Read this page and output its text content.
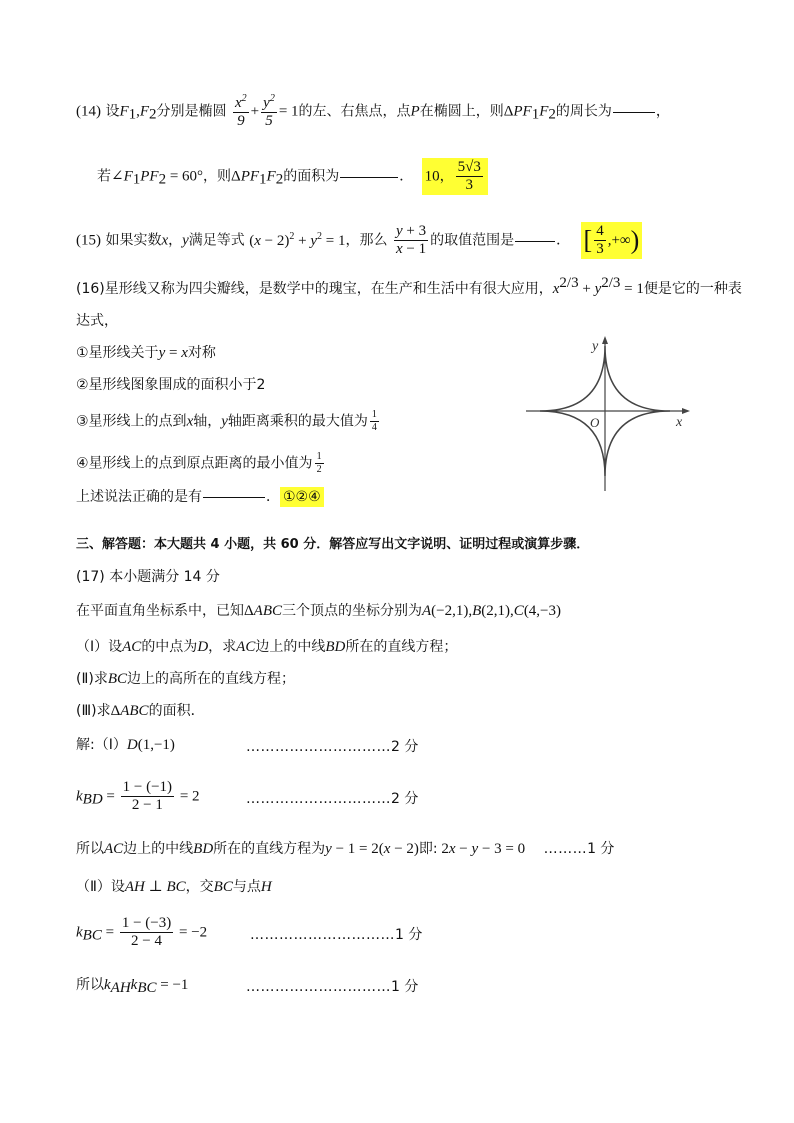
(14) 设$F_1,F_2$分别是椭圆 $\frac{x^2}{9} + \frac{y^2}{5} = 1$的左、右焦点，点P在椭圆上，则$\Delta PF_1F_2$的周长为	，
若$\angle F_1PF_2 = 60^\circ$，则$\Delta PF_1F_2$的面积为	． 10， $\frac{5√3}{3}$
(15) 如果实数x，y满足等式 $(x - 2)^2 + y^2 = 1$，那么 $\frac{y + 3}{x - 1}$ 的取值范围是	． [ $\frac{4}{3}$ ,+∞)
(16)星形线又称为四尖瓣线，是数学中的瑰宝，在生产和生活中有很大应用，$x^{2/3} + y^{2/3} = 1$便是它的一种表
达式，
①星形线关于y = x对称
②星形线图象围成的面积小于2
③星形线上的点到x轴，y轴距离乘积的最大值为 $\frac{1}{4}$
④星形线上的点到原点距离的最小值为 $\frac{1}{2}$
上述说法正确的是有	． ①②④
y
x
O
三、解答题：本大题共 4 小题，共 60 分．解答应写出文字说明、证明过程或演算步骤．
(17) 本小题满分 14 分
在平面直角坐标系中，已知ΔABC三个顶点的坐标分别为A(−2,1),B(2,1),C(4,−3)
（Ⅰ）设AC的中点为D，求AC边上的中线BD所在的直线方程；
(Ⅱ)求BC边上的高所在的直线方程；
(Ⅲ)求ΔABC的面积．
解:（Ⅰ）D(1,−1)	…………………………2 分
$k_{BD} = \frac{1 - (-1)}{2 - 1} = 2$	…………………………2 分
所以AC边上的中线BD所在的直线方程为y − 1 = 2(x − 2)即: 2x − y − 3 = 0 ………1 分
（Ⅱ）设AH ⊥ BC，交BC与点H
$k_{BC} = \frac{1 - (-3)}{2 - 4} = -2$	…………………………1 分
所以$k_{AH}k_{BC} = -1$	…………………………1 分
